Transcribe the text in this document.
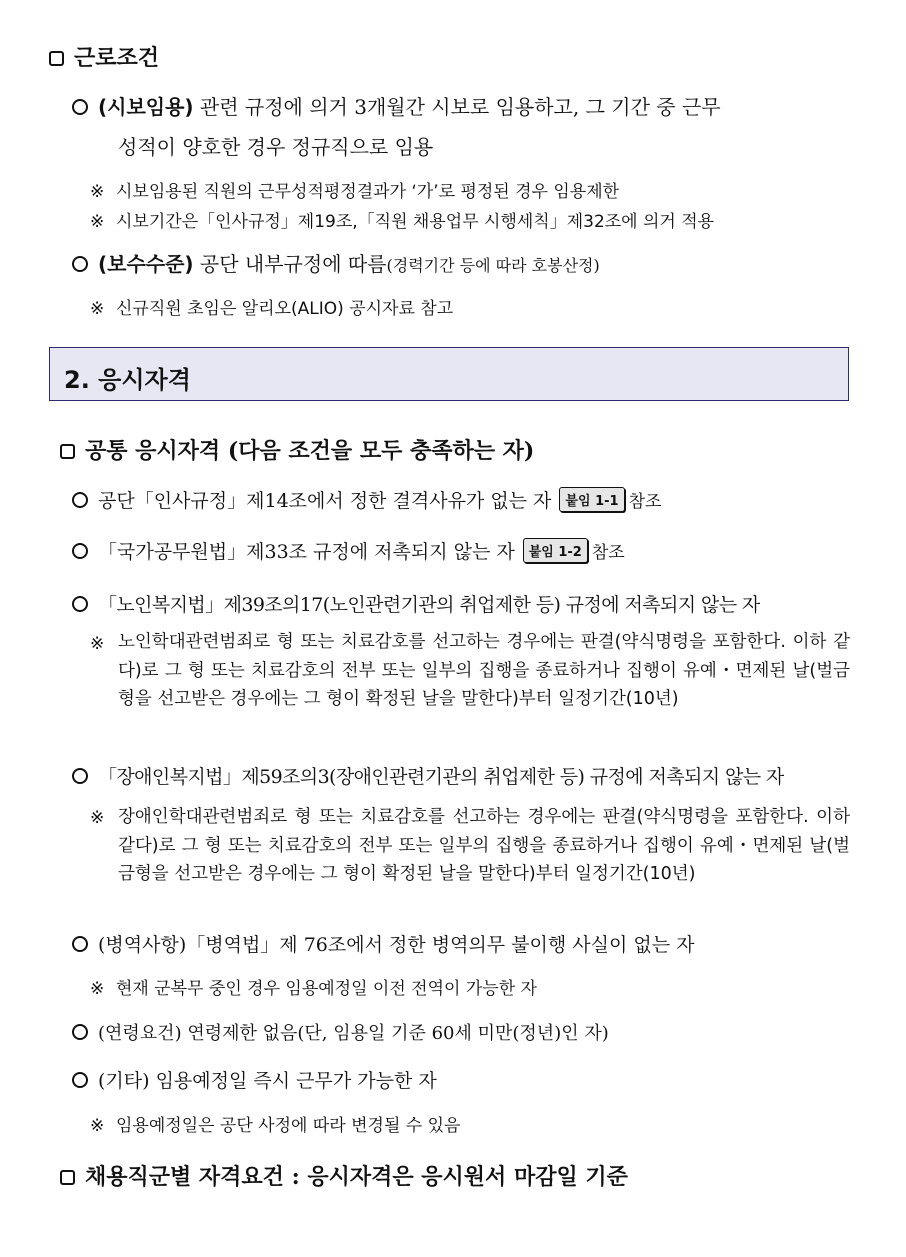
근로조건
(시보임용) 관련 규정에 의거 3개월간 시보로 임용하고, 그 기간 중 근무
성적이 양호한 경우 정규직으로 임용
※ 시보임용된 직원의 근무성적평정결과가 ‘가’로 평정된 경우 임용제한
※ 시보기간은「인사규정」제19조,「직원 채용업무 시행세칙」제32조에 의거 적용
(보수수준) 공단 내부규정에 따름(경력기간 등에 따라 호봉산정)
※ 신규직원 초임은 알리오(ALIO) 공시자료 참고
2. 응시자격
공통 응시자격 (다음 조건을 모두 충족하는 자)
공단「인사규정」제14조에서 정한 결격사유가 없는 자 붙임 1-1 참조
「국가공무원법」제33조 규정에 저촉되지 않는 자 붙임 1-2 참조
「노인복지법」제39조의17(노인관련기관의 취업제한 등) 규정에 저촉되지 않는 자
※ 노인학대관련범죄로 형 또는 치료감호를 선고하는 경우에는 판결(약식명령을 포함한다. 이하 같다)로 그 형 또는 치료감호의 전부 또는 일부의 집행을 종료하거나 집행이 유예・면제된 날(벌금형을 선고받은 경우에는 그 형이 확정된 날을 말한다)부터 일정기간(10년)
「장애인복지법」제59조의3(장애인관련기관의 취업제한 등) 규정에 저촉되지 않는 자
※ 장애인학대관련범죄로 형 또는 치료감호를 선고하는 경우에는 판결(약식명령을 포함한다. 이하 같다)로 그 형 또는 치료감호의 전부 또는 일부의 집행을 종료하거나 집행이 유예・면제된 날(벌금형을 선고받은 경우에는 그 형이 확정된 날을 말한다)부터 일정기간(10년)
(병역사항)「병역법」제 76조에서 정한 병역의무 불이행 사실이 없는 자
※ 현재 군복무 중인 경우 임용예정일 이전 전역이 가능한 자
(연령요건) 연령제한 없음(단, 임용일 기준 60세 미만(정년)인 자)
(기타) 임용예정일 즉시 근무가 가능한 자
※ 임용예정일은 공단 사정에 따라 변경될 수 있음
채용직군별 자격요건 : 응시자격은 응시원서 마감일 기준
